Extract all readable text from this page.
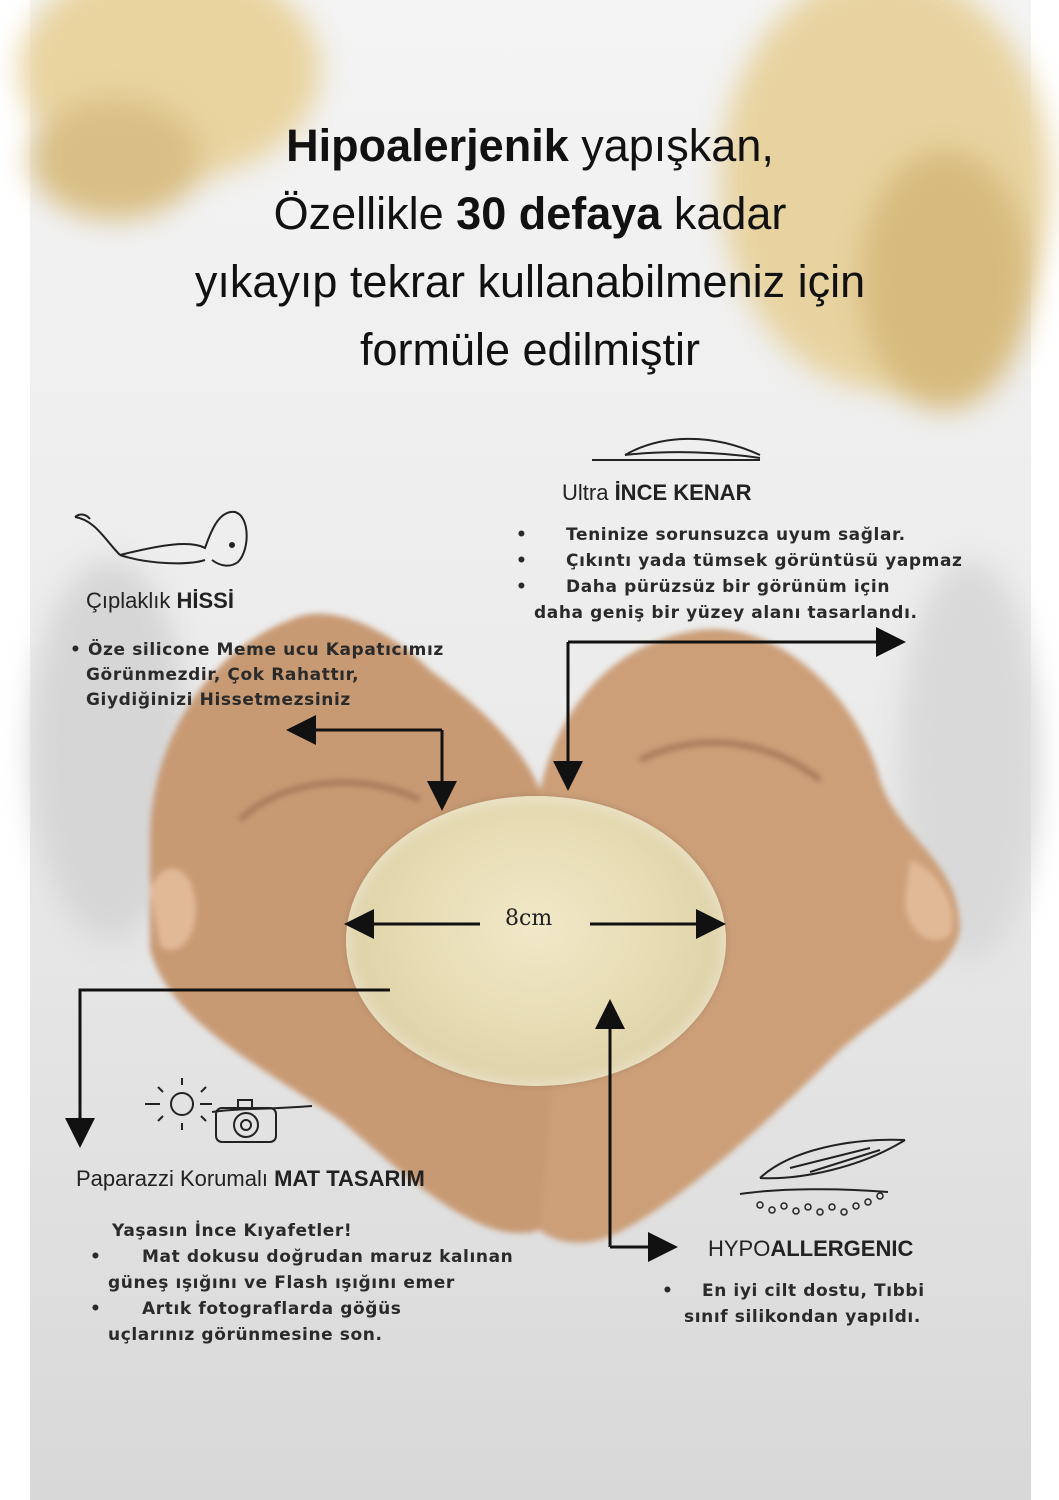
Hipoalerjenik yapışkan,
Özellikle 30 defaya kadar
yıkayıp tekrar kullanabilmeniz için
formüle edilmiştir
8cm
Ultra İNCE KENAR
• Teninize sorunsuzca uyum sağlar.
• Çıkıntı yada tümsek görüntüsü yapmaz
• Daha pürüzsüz bir görünüm için
daha geniş bir yüzey alanı tasarlandı.
Çıplaklık HİSSİ
• Öze silicone Meme ucu Kapatıcımız
Görünmezdir, Çok Rahattır,
Giydiğinizi Hissetmezsiniz
Paparazzi Korumalı MAT TASARIM
Yaşasın İnce Kıyafetler!
• Mat dokusu doğrudan maruz kalınan
güneş ışığını ve Flash ışığını emer
• Artık fotograflarda göğüs
uçlarınız görünmesine son.
HYPOALLERGENIC
• En iyi cilt dostu, Tıbbi
sınıf silikondan yapıldı.
